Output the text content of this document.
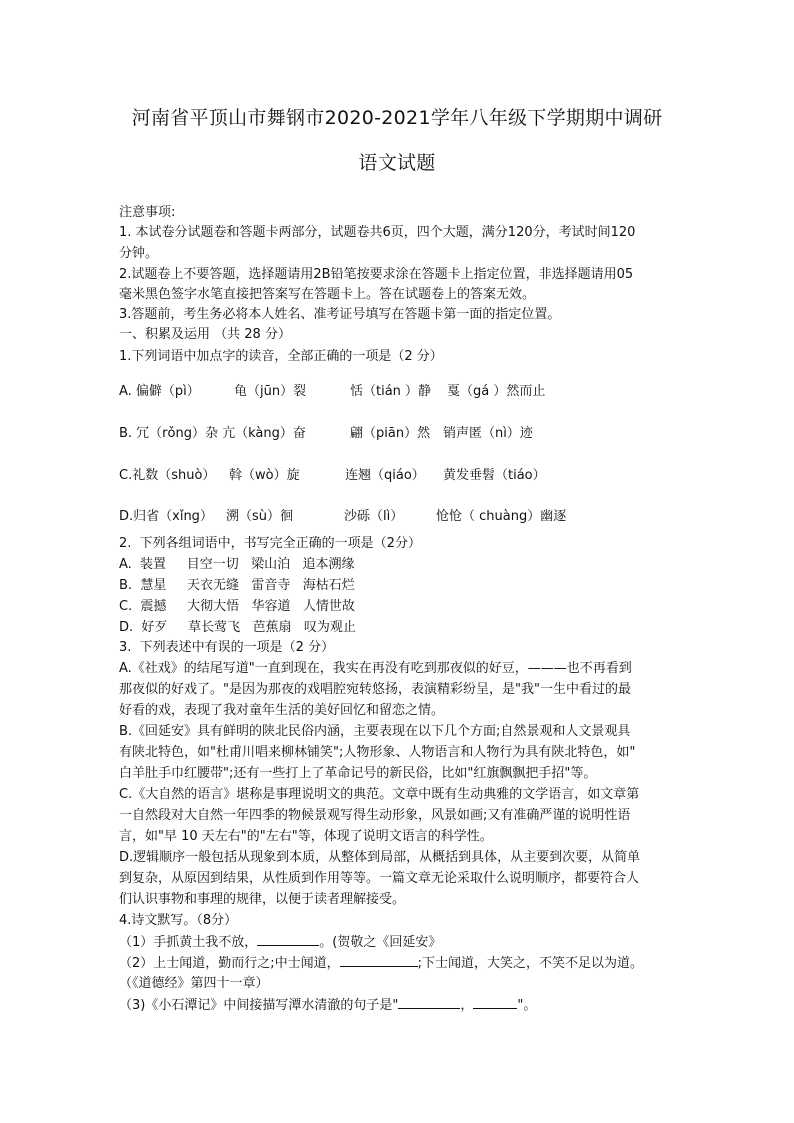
河南省平顶山市舞钢市2020-2021学年八年级下学期期中调研
语文试题
注意事项:
1. 本试卷分试题卷和答题卡两部分，试题卷共6页，四个大题，满分120分，考试时间120
分钟。
2.试题卷上不要答题，选择题请用2B铅笔按要求涂在答题卡上指定位置，非选择题请用05
毫米黑色签字水笔直接把答案写在答题卡上。答在试题卷上的答案无效。
3.答题前，考生务必将本人姓名、准考证号填写在答题卡第一面的指定位置。
一、积累及运用 （共 28 分）
1.下列词语中加点字的读音，全部正确的一项是（2 分）
A. 偏僻（pì）	龟（jūn）裂	恬（tián ）静 戛（gá ）然而止
B. 冗（rǒng）杂 亢（kàng）奋	翩（piān）然 销声匿（nì）迹
C.礼数（shuò） 斡（wò）旋	连翘（qiáo） 黄发垂髫（tiáo）
D.归省（xǐng） 溯（sù）徊	沙砾（lì）	怆怆（ chuàng）幽逐
2.  下列各组词语中，书写完全正确的一项是（2分）
A.  装置     目空一切   梁山泊   追本溯缘
B.  慧星     天衣无缝   雷音寺   海枯石烂
C.  震撼     大彻大悟   华容道   人情世故
D.  好歹     草长莺飞   芭蕉扇   叹为观止
3.  下列表述中有误的一项是（2 分）
A.《社戏》的结尾写道"一直到现在，我实在再没有吃到那夜似的好豆，———也不再看到
那夜似的好戏了。"是因为那夜的戏唱腔宛转悠扬，表演精彩纷呈，是"我"一生中看过的最
好看的戏，表现了我对童年生活的美好回忆和留恋之情。
B.《回延安》具有鲜明的陕北民俗内涵，主要表现在以下几个方面;自然景观和人文景观具
有陕北特色，如"杜甫川唱来柳林铺笑";人物形象、人物语言和人物行为具有陕北特色，如"
白羊肚手巾红腰带";还有一些打上了革命记号的新民俗，比如"红旗飘飘把手招"等。
C.《大自然的语言》堪称是事理说明文的典范。文章中既有生动典雅的文学语言，如文章第
一自然段对大自然一年四季的物候景观写得生动形象，风景如画;又有准确严谨的说明性语
言，如"早 10 天左右"的"左右"等，体现了说明文语言的科学性。
D.逻辑顺序一般包括从现象到本质，从整体到局部，从概括到具体，从主要到次要，从简单
到复杂，从原因到结果，从性质到作用等等。一篇文章无论采取什么说明顺序，都要符合人
们认识事物和事理的规律，以便于读者理解接受。
4.诗文默写。（8分）
（1）手抓黄土我不放，	。(贺敬之《回延安》
（2）上士闻道，勤而行之;中士闻道，	;下士闻道，大笑之，不笑不足以为道。
（《道德经》第四十一章）
（3)《小石潭记》中间接描写潭水清澈的句子是"	，	"。
